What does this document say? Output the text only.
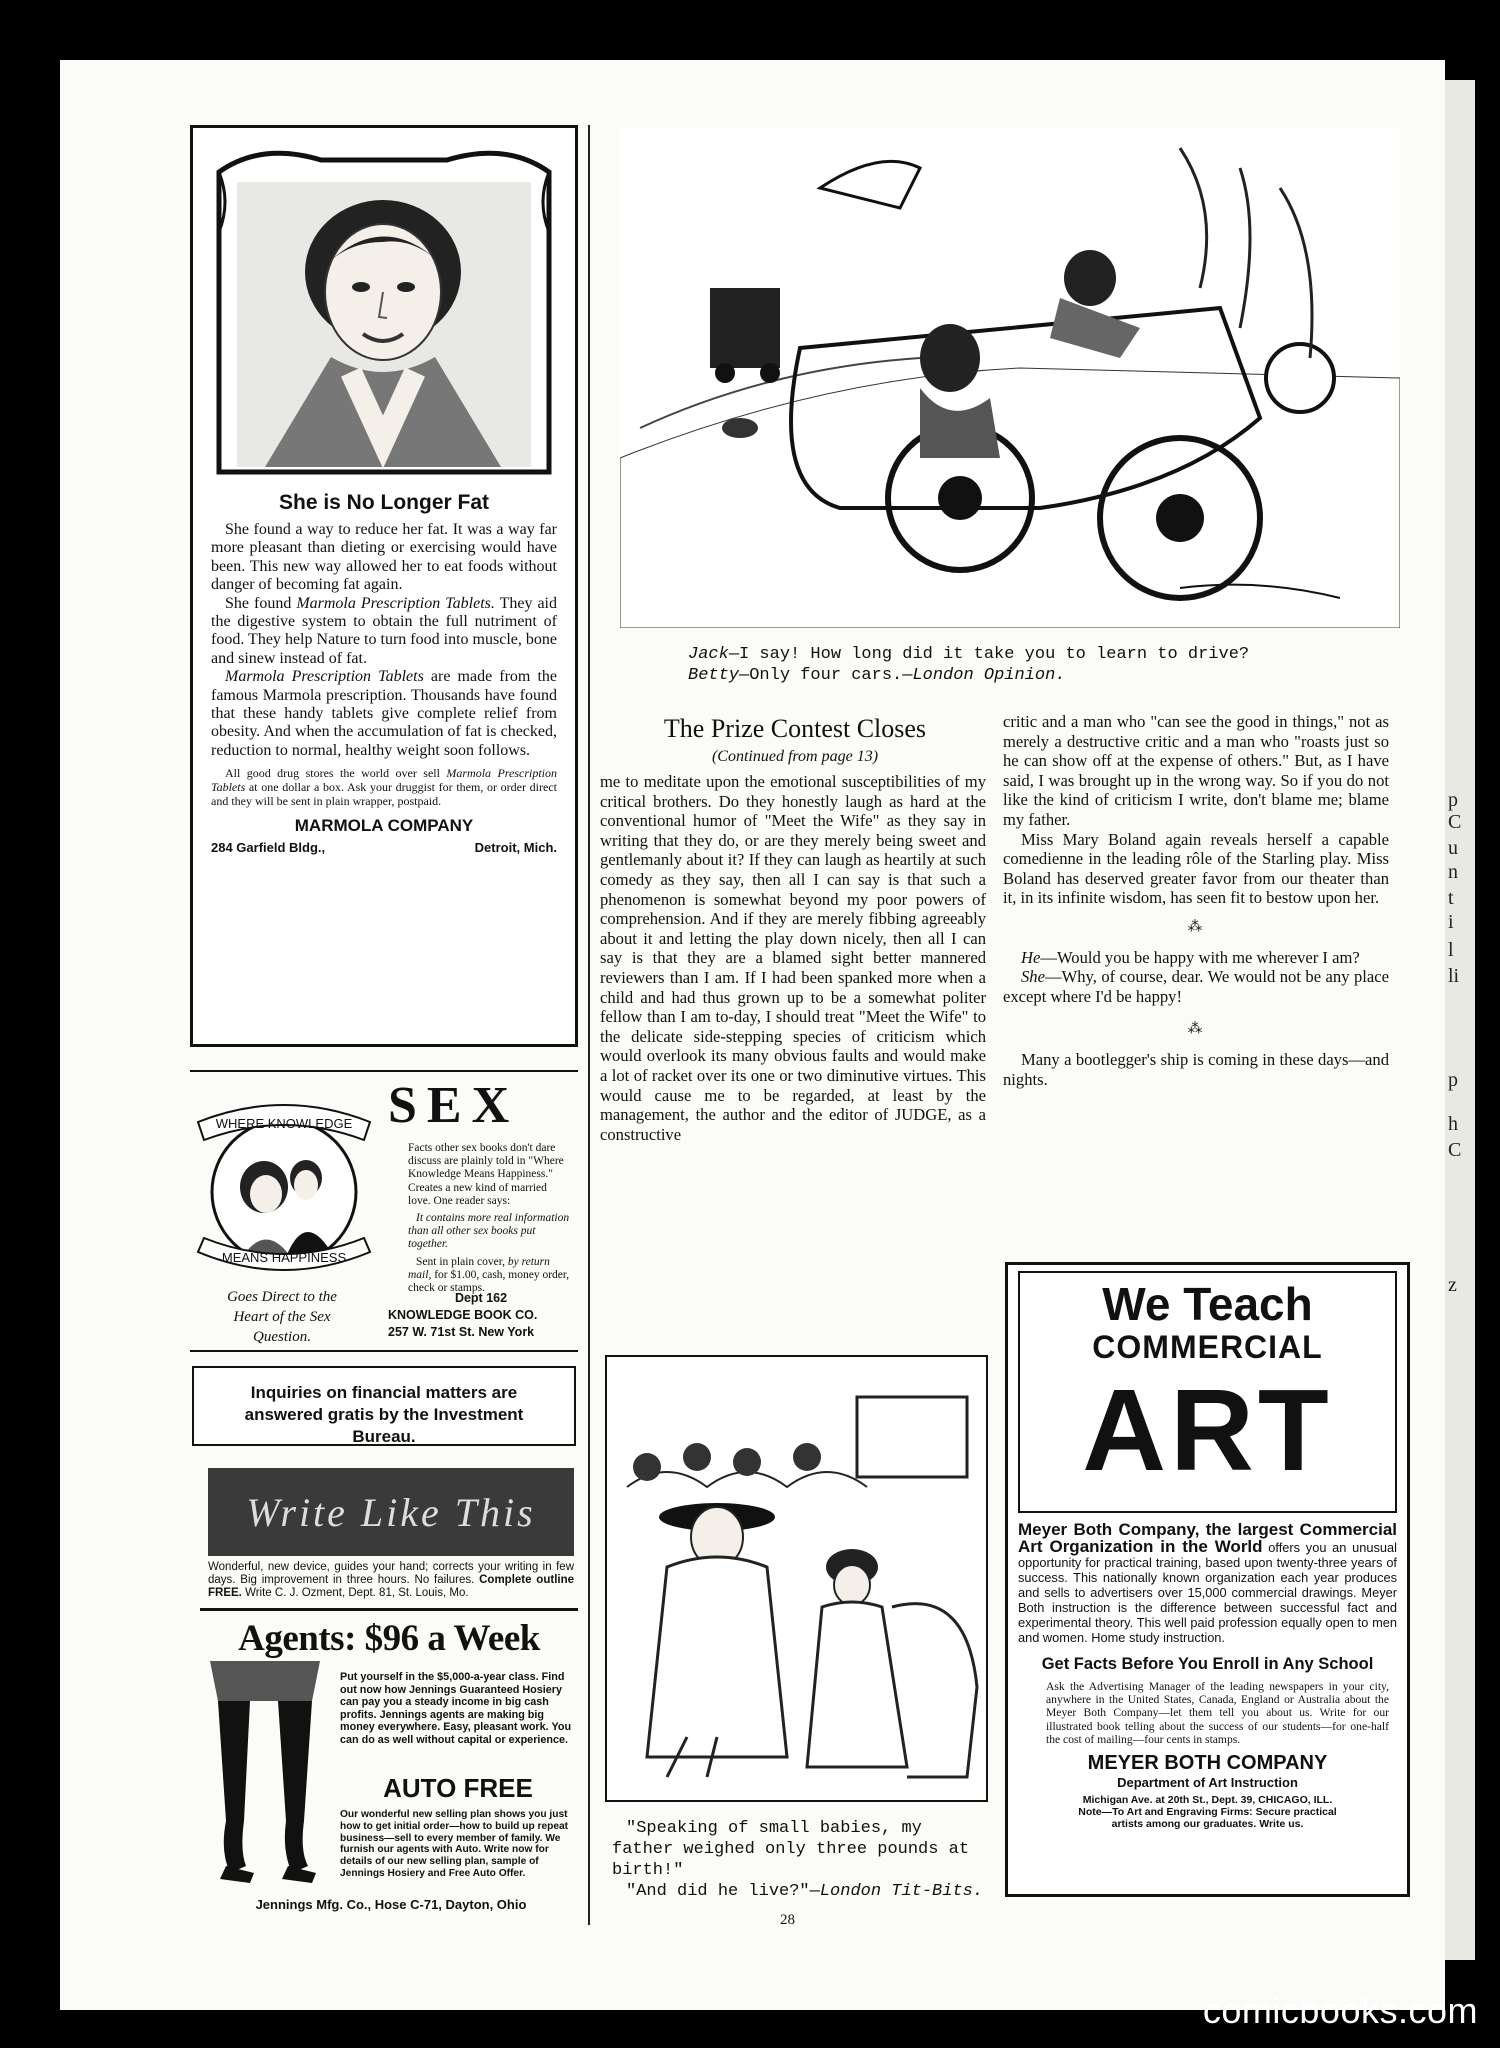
p
C
u
n
t
i
l
li
p
h
C
z
She is No Longer Fat

She found a way to reduce her fat. It was a way far more pleasant than dieting or exercising would have been. This new way allowed her to eat foods without danger of becoming fat again.

She found Marmola Prescription Tablets. They aid the digestive system to obtain the full nutriment of food. They help Nature to turn food into muscle, bone and sinew instead of fat.

Marmola Prescription Tablets are made from the famous Marmola prescription. Thousands have found that these handy tablets give complete relief from obesity. And when the accumulation of fat is checked, reduction to normal, healthy weight soon follows.

All good drug stores the world over sell Marmola Prescription Tablets at one dollar a box. Ask your druggist for them, or order direct and they will be sent in plain wrapper, postpaid.

MARMOLA COMPANY
284 Garfield Bldg.,	Detroit, Mich.
WHERE KNOWLEDGE
MEANS HAPPINESS
Goes Direct to the Heart of the Sex Question.
SEX

Facts other sex books don't dare discuss are plainly told in "Where Knowledge Means Happiness." Creates a new kind of married love. One reader says:

It contains more real information than all other sex books put together.

Sent in plain cover, by return mail, for $1.00, cash, money order, check or stamps.

Dept 162
KNOWLEDGE BOOK CO.
257 W. 71st St. New York
Inquiries on financial matters are answered gratis by the Investment Bureau.
Write Like This
Wonderful, new device, guides your hand; corrects your writing in few days. Big improvement in three hours. No failures. Complete outline FREE. Write C. J. Ozment, Dept. 81, St. Louis, Mo.
Agents: $96 a Week
Put yourself in the $5,000-a-year class. Find out now how Jennings Guaranteed Hosiery can pay you a steady income in big cash profits. Jennings agents are making big money everywhere. Easy, pleasant work. You can do as well without capital or experience.
AUTO FREE
Our wonderful new selling plan shows you just how to get initial order—how to build up repeat business—sell to every member of family. We furnish our agents with Auto. Write now for details of our new selling plan, sample of Jennings Hosiery and Free Auto Offer.
Jennings Mfg. Co., Hose C-71, Dayton, Ohio
Jack—I say! How long did it take you to learn to drive?
Betty—Only four cars.—London Opinion.
The Prize Contest Closes
(Continued from page 13)

me to meditate upon the emotional susceptibilities of my critical brothers. Do they honestly laugh as hard at the conventional humor of "Meet the Wife" as they say in writing that they do, or are they merely being sweet and gentlemanly about it? If they can laugh as heartily at such comedy as they say, then all I can say is that such a phenomenon is somewhat beyond my poor powers of comprehension. And if they are merely fibbing agreeably about it and letting the play down nicely, then all I can say is that they are a blamed sight better mannered reviewers than I am. If I had been spanked more when a child and had thus grown up to be a somewhat politer fellow than I am to-day, I should treat "Meet the Wife" to the delicate side-stepping species of criticism which would overlook its many obvious faults and would make a lot of racket over its one or two diminutive virtues. This would cause me to be regarded, at least by the management, the author and the editor of JUDGE, as a constructive

critic and a man who "can see the good in things," not as merely a destructive critic and a man who "roasts just so he can show off at the expense of others." But, as I have said, I was brought up in the wrong way. So if you do not like the kind of criticism I write, don't blame me; blame my father.

Miss Mary Boland again reveals herself a capable comedienne in the leading rôle of the Starling play. Miss Boland has deserved greater favor from our theater than it, in its infinite wisdom, has seen fit to bestow upon her.

⁂

He—Would you be happy with me wherever I am?

She—Why, of course, dear. We would not be any place except where I'd be happy!

⁂

Many a bootlegger's ship is coming in these days—and nights.

"Speaking of small babies, my father weighed only three pounds at birth!"
"And did he live?"—London Tit-Bits.
We Teach
COMMERCIAL
ART
Meyer Both Company, the largest Commercial Art Organization in the World offers you an unusual opportunity for practical training, based upon twenty-three years of success. This nationally known organization each year produces and sells to advertisers over 15,000 commercial drawings. Meyer Both instruction is the difference between successful fact and experimental theory. This well paid profession equally open to men and women. Home study instruction.
Get Facts Before You Enroll in Any School
Ask the Advertising Manager of the leading newspapers in your city, anywhere in the United States, Canada, England or Australia about the Meyer Both Company—let them tell you about us. Write for our illustrated book telling about the success of our students—for one-half the cost of mailing—four cents in stamps.
MEYER BOTH COMPANY
Department of Art Instruction
Michigan Ave. at 20th St., Dept. 39, CHICAGO, ILL.
Note—To Art and Engraving Firms: Secure practical artists among our graduates. Write us.
28
comicbooks.com
